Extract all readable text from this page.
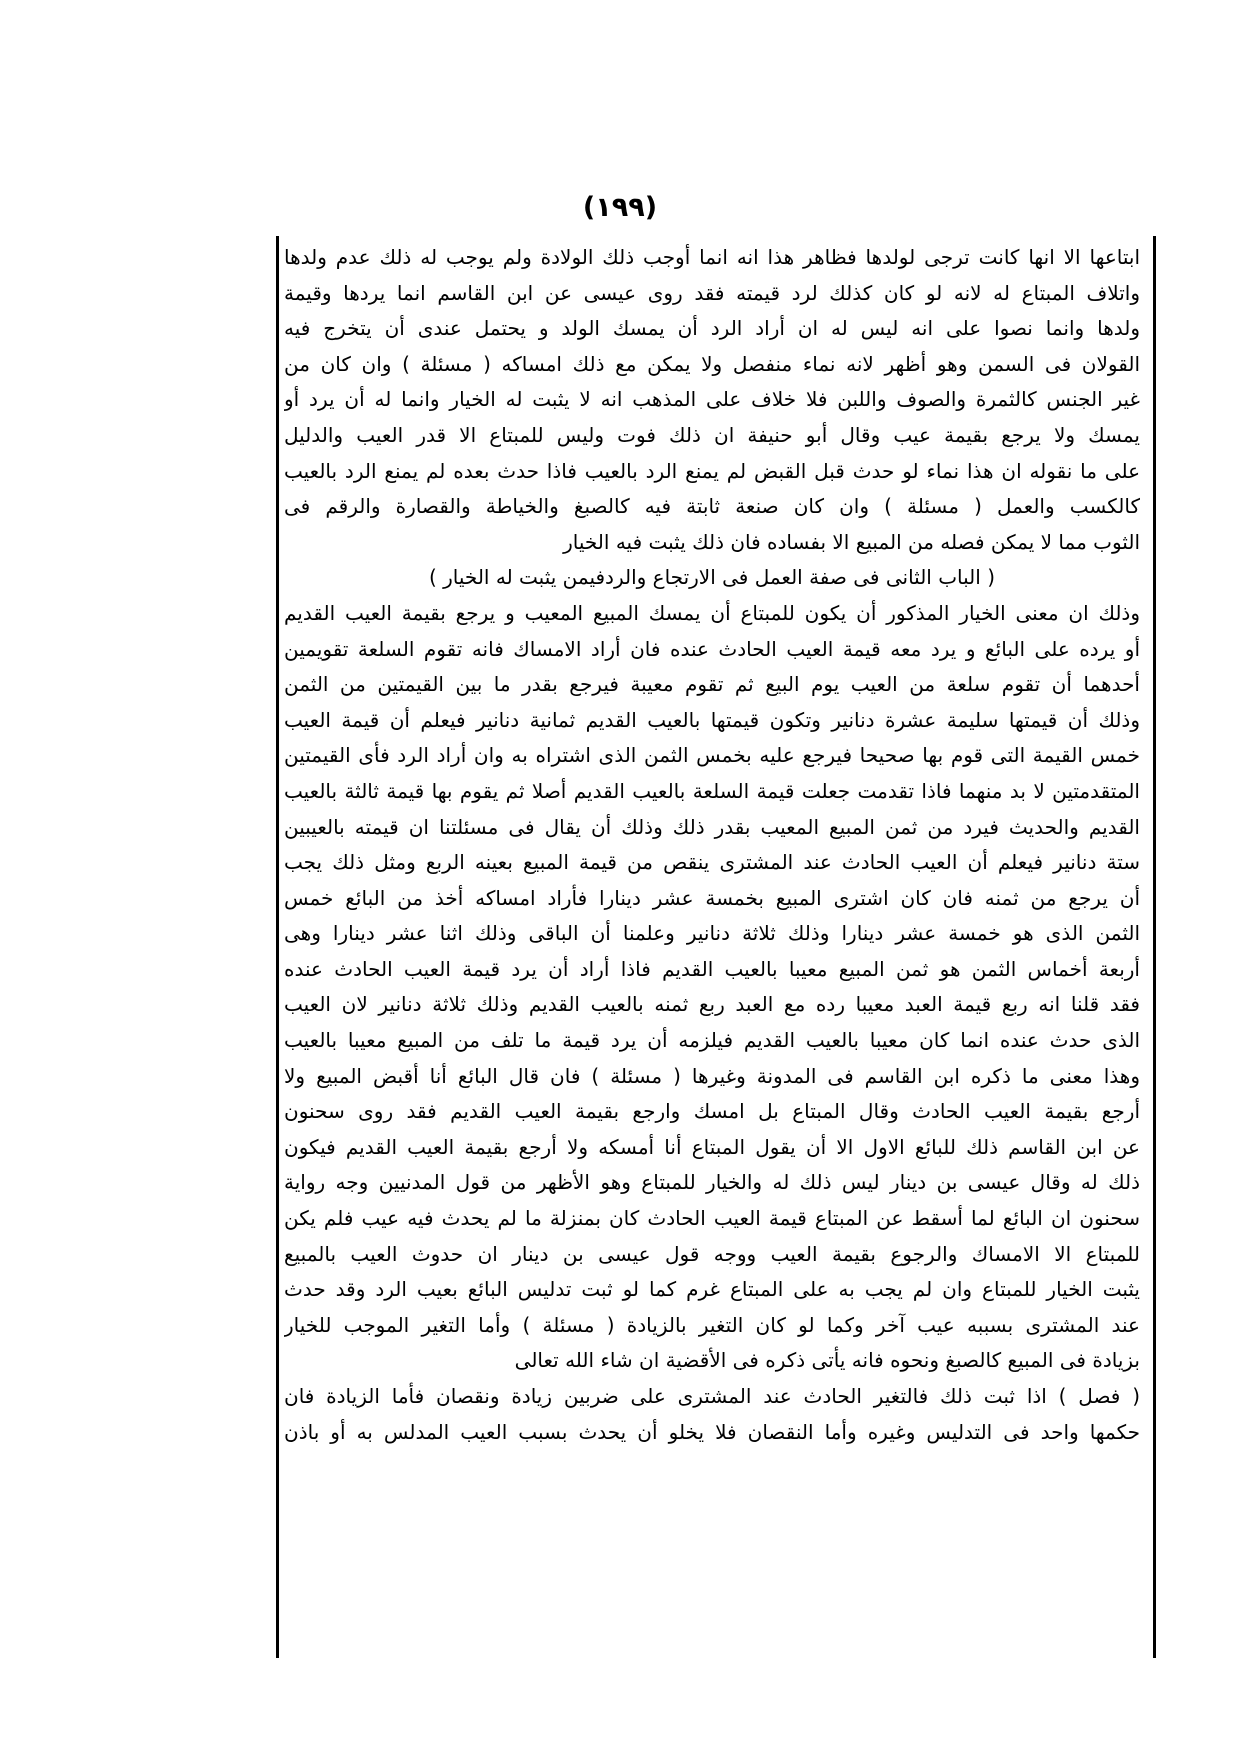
(١٩٩)
ابتاعها الا انها كانت ترجى لولدها فظاهر هذا انه انما أوجب ذلك الولادة ولم يوجب له ذلك عدم ولدها
واتلاف المبتاع له لانه لو كان كذلك لرد قيمته فقد روى عيسى عن ابن القاسم انما يردها وقيمة
ولدها وانما نصوا على انه ليس له ان أراد الرد أن يمسك الولد و يحتمل عندى أن يتخرج فيه
القولان فى السمن وهو أظهر لانه نماء منفصل ولا يمكن مع ذلك امساكه ( مسئلة ) وان كان من
غير الجنس كالثمرة والصوف واللبن فلا خلاف على المذهب انه لا يثبت له الخيار وانما له أن يرد أو
يمسك ولا يرجع بقيمة عيب وقال أبو حنيفة ان ذلك فوت وليس للمبتاع الا قدر العيب والدليل
على ما نقوله ان هذا نماء لو حدث قبل القبض لم يمنع الرد بالعيب فاذا حدث بعده لم يمنع الرد بالعيب
كالكسب والعمل ( مسئلة ) وان كان صنعة ثابتة فيه كالصبغ والخياطة والقصارة والرقم فى
الثوب مما لا يمكن فصله من المبيع الا بفساده فان ذلك يثبت فيه الخيار
( الباب الثانى فى صفة العمل فى الارتجاع والردفيمن يثبت له الخيار )
وذلك ان معنى الخيار المذكور أن يكون للمبتاع أن يمسك المبيع المعيب و يرجع بقيمة العيب القديم
أو يرده على البائع و يرد معه قيمة العيب الحادث عنده فان أراد الامساك فانه تقوم السلعة تقويمين
أحدهما أن تقوم سلعة من العيب يوم البيع ثم تقوم معيبة فيرجع بقدر ما بين القيمتين من الثمن
وذلك أن قيمتها سليمة عشرة دنانير وتكون قيمتها بالعيب القديم ثمانية دنانير فيعلم أن قيمة العيب
خمس القيمة التى قوم بها صحيحا فيرجع عليه بخمس الثمن الذى اشتراه به وان أراد الرد فأى القيمتين
المتقدمتين لا بد منهما فاذا تقدمت جعلت قيمة السلعة بالعيب القديم أصلا ثم يقوم بها قيمة ثالثة بالعيب
القديم والحديث فيرد من ثمن المبيع المعيب بقدر ذلك وذلك أن يقال فى مسئلتنا ان قيمته بالعيبين
ستة دنانير فيعلم أن العيب الحادث عند المشترى ينقص من قيمة المبيع بعينه الربع ومثل ذلك يجب
أن يرجع من ثمنه فان كان اشترى المبيع بخمسة عشر دينارا فأراد امساكه أخذ من البائع خمس
الثمن الذى هو خمسة عشر دينارا وذلك ثلاثة دنانير وعلمنا أن الباقى وذلك اثنا عشر دينارا وهى
أربعة أخماس الثمن هو ثمن المبيع معيبا بالعيب القديم فاذا أراد أن يرد قيمة العيب الحادث عنده
فقد قلنا انه ربع قيمة العبد معيبا رده مع العبد ربع ثمنه بالعيب القديم وذلك ثلاثة دنانير لان العيب
الذى حدث عنده انما كان معيبا بالعيب القديم فيلزمه أن يرد قيمة ما تلف من المبيع معيبا بالعيب
وهذا معنى ما ذكره ابن القاسم فى المدونة وغيرها ( مسئلة ) فان قال البائع أنا أقبض المبيع ولا
أرجع بقيمة العيب الحادث وقال المبتاع بل امسك وارجع بقيمة العيب القديم فقد روى سحنون
عن ابن القاسم ذلك للبائع الاول الا أن يقول المبتاع أنا أمسكه ولا أرجع بقيمة العيب القديم فيكون
ذلك له وقال عيسى بن دينار ليس ذلك له والخيار للمبتاع وهو الأظهر من قول المدنيين وجه رواية
سحنون ان البائع لما أسقط عن المبتاع قيمة العيب الحادث كان بمنزلة ما لم يحدث فيه عيب فلم يكن
للمبتاع الا الامساك والرجوع بقيمة العيب ووجه قول عيسى بن دينار ان حدوث العيب بالمبيع
يثبت الخيار للمبتاع وان لم يجب به على المبتاع غرم كما لو ثبت تدليس البائع بعيب الرد وقد حدث
عند المشترى بسببه عيب آخر وكما لو كان التغير بالزيادة ( مسئلة ) وأما التغير الموجب للخيار
بزيادة فى المبيع كالصبغ ونحوه فانه يأتى ذكره فى الأقضية ان شاء الله تعالى
( فصل ) اذا ثبت ذلك فالتغير الحادث عند المشترى على ضربين زيادة ونقصان فأما الزيادة فان
حكمها واحد فى التدليس وغيره وأما النقصان فلا يخلو أن يحدث بسبب العيب المدلس به أو باذن
